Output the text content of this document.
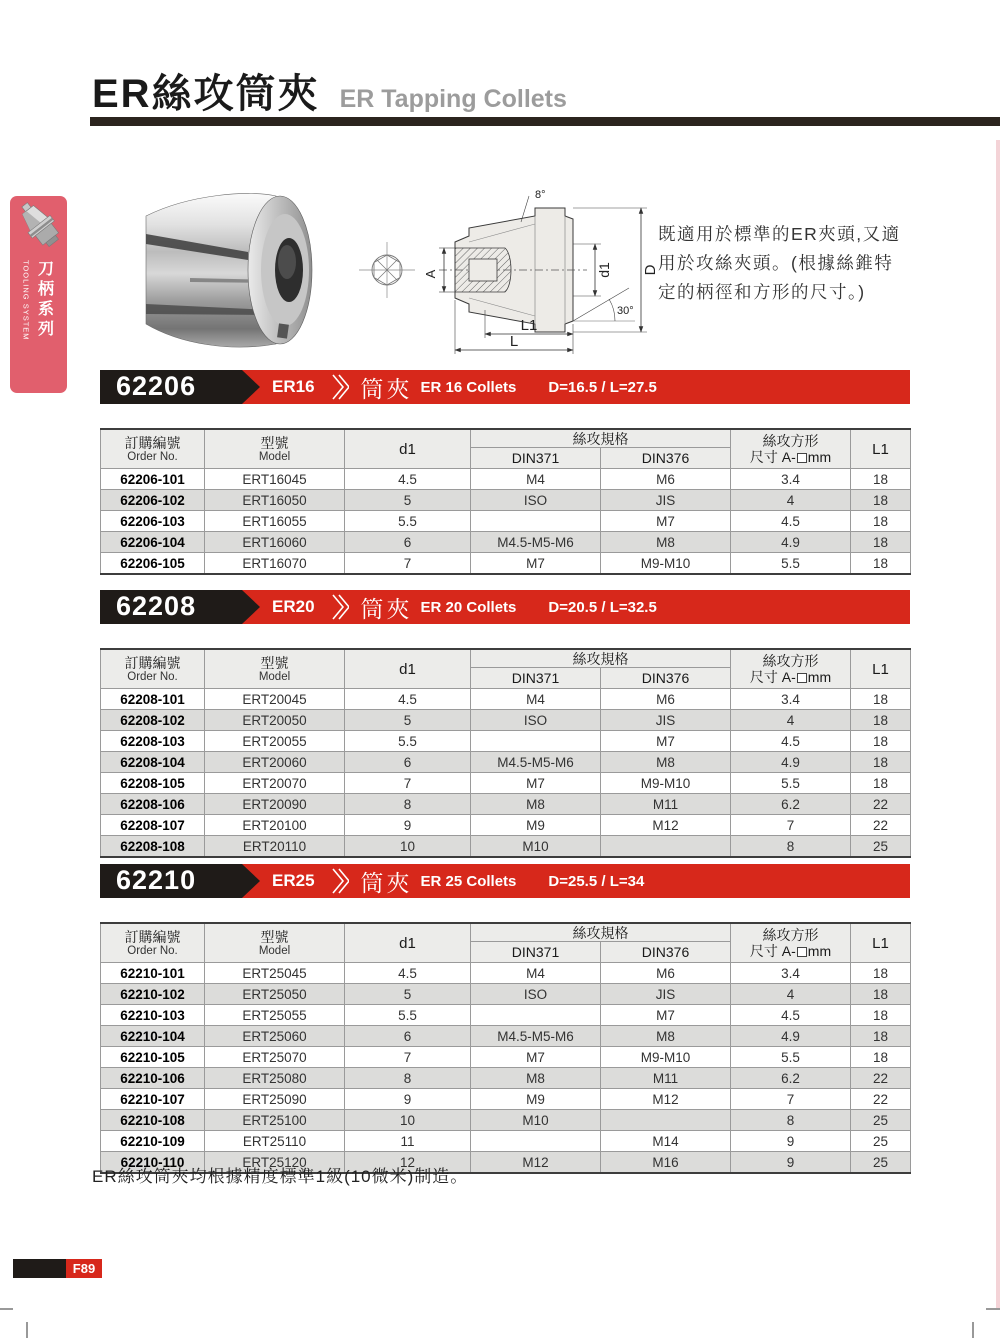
ER絲攻筒夾 ER Tapping Collets
TOOLING SYSTEM 刀柄系列
8°
A	d1 D
30°
L1
L
既適用於標準的ER夾頭,又適
用於攻絲夾頭。(根據絲錐特
定的柄徑和方形的尺寸。)
62206	ER16 筒夾 ER 16 Collets D=16.5 / L=27.5
62208	ER20 筒夾 ER 20 Collets D=20.5 / L=32.5
62210	ER25 筒夾 ER 25 Collets D=25.5 / L=34
訂購編號
Order No.	型號
Model	d1	絲攻規格		絲攻方形
尺寸 A- mm	L1
			DIN371	DIN376		
62206-101	ERT16045	4.5	M4	M6	3.4	18
62206-102	ERT16050	5	ISO	JIS	4	18
62206-103	ERT16055	5.5		M7	4.5	18
62206-104	ERT16060	6	M4.5-M5-M6	M8	4.9	18
62206-105	ERT16070	7	M7	M9-M10	5.5	18
訂購編號
Order No.	型號
Model	d1	絲攻規格		絲攻方形
尺寸 A- mm	L1
			DIN371	DIN376		
62208-101	ERT20045	4.5	M4	M6	3.4	18
62208-102	ERT20050	5	ISO	JIS	4	18
62208-103	ERT20055	5.5		M7	4.5	18
62208-104	ERT20060	6	M4.5-M5-M6	M8	4.9	18
62208-105	ERT20070	7	M7	M9-M10	5.5	18
62208-106	ERT20090	8	M8	M11	6.2	22
62208-107	ERT20100	9	M9	M12	7	22
62208-108	ERT20110	10	M10		8	25
訂購編號
Order No.	型號
Model	d1	絲攻規格		絲攻方形
尺寸 A- mm	L1
			DIN371	DIN376		
62210-101	ERT25045	4.5	M4	M6	3.4	18
62210-102	ERT25050	5	ISO	JIS	4	18
62210-103	ERT25055	5.5		M7	4.5	18
62210-104	ERT25060	6	M4.5-M5-M6	M8	4.9	18
62210-105	ERT25070	7	M7	M9-M10	5.5	18
62210-106	ERT25080	8	M8	M11	6.2	22
62210-107	ERT25090	9	M9	M12	7	22
62210-108	ERT25100	10	M10		8	25
62210-109	ERT25110	11		M14	9	25
62210-110	ERT25120	12	M12	M16	9	25
ER絲攻筒夾均根據精度標準1級(10微米)制造。
F89
